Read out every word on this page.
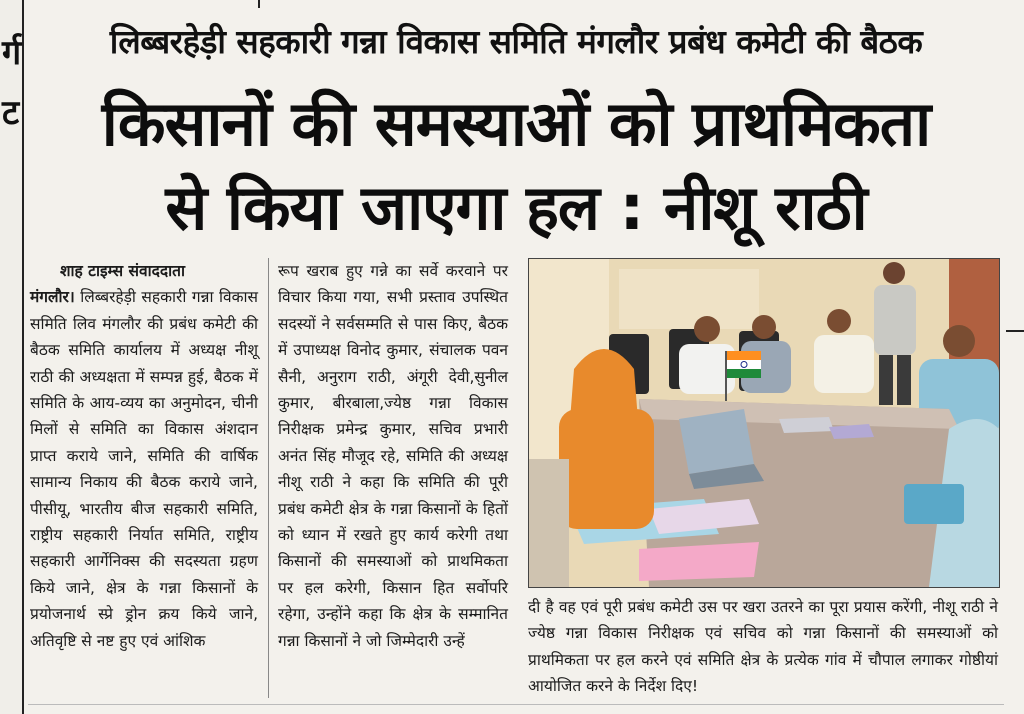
र्ग
ट
लिब्बरहेड़ी सहकारी गन्ना विकास समिति मंगलौर प्रबंध कमेटी की बैठक
किसानों की समस्याओं को प्राथमिकता
से किया जाएगा हल : नीशू राठी
शाह टाइम्स संवाददाता

मंगलौर। लिब्बरहेड़ी सहकारी गन्ना विकास समिति लिव मंगलौर की प्रबंध कमेटी की बैठक समिति कार्यालय में अध्यक्ष नीशू राठी की अध्यक्षता में सम्पन्न हुई, बैठक में समिति के आय-व्यय का अनुमोदन, चीनी मिलों से समिति का विकास अंशदान प्राप्त कराये जाने, समिति की वार्षिक सामान्य निकाय की बैठक कराये जाने, पीसीयू, भारतीय बीज सहकारी समिति, राष्ट्रीय सहकारी निर्यात समिति, राष्ट्रीय सहकारी आर्गेनिक्स की सदस्यता ग्रहण किये जाने, क्षेत्र के गन्ना किसानों के प्रयोजनार्थ स्प्रे ड्रोन क्रय किये जाने, अतिवृष्टि से नष्ट हुए एवं आंशिक

रूप खराब हुए गन्ने का सर्वे करवाने पर विचार किया गया, सभी प्रस्ताव उपस्थित सदस्यों ने सर्वसम्मति से पास किए, बैठक में उपाध्यक्ष विनोद कुमार, संचालक पवन सैनी, अनुराग राठी, अंगूरी देवी,सुनील कुमार, बीरबाला,ज्येष्ठ गन्ना विकास निरीक्षक प्रमेन्द्र कुमार, सचिव प्रभारी अनंत सिंह मौजूद रहे, समिति की अध्यक्ष नीशू राठी ने कहा कि समिति की पूरी प्रबंध कमेटी क्षेत्र के गन्ना किसानों के हितों को ध्यान में रखते हुए कार्य करेगी तथा किसानों की समस्याओं को प्राथमिकता पर हल करेगी, किसान हित सर्वोपरि रहेगा, उन्होंने कहा कि क्षेत्र के सम्मानित गन्ना किसानों ने जो जिम्मेदारी उन्हें

दी है वह एवं पूरी प्रबंध कमेटी उस पर खरा उतरने का पूरा प्रयास करेंगी, नीशू राठी ने ज्येष्ठ गन्ना विकास निरीक्षक एवं सचिव को गन्ना किसानों की समस्याओं को प्राथमिकता पर हल करने एवं समिति क्षेत्र के प्रत्येक गांव में चौपाल लगाकर गोष्ठीयां आयोजित करने के निर्देश दिए!
